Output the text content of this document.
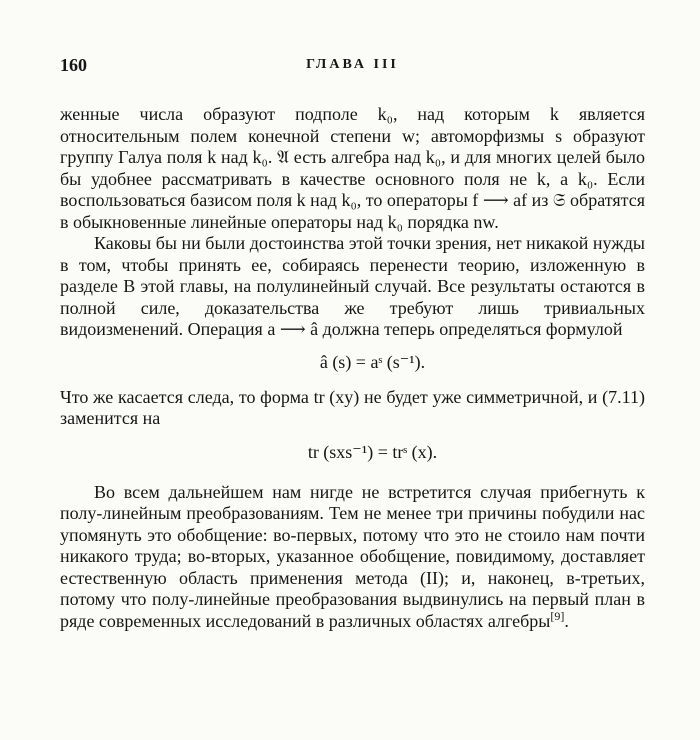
160	ГЛАВА III

женные числа образуют подполе k₀, над которым k является относительным полем конечной степени w; автоморфизмы s образуют группу Галуа поля k над k₀. 𝔄 есть алгебра над k₀, и для многих целей было бы удобнее рассматривать в качестве основного поля не k, а k₀. Если воспользоваться базисом поля k над k₀, то операторы f ⟶ af из 𝔖 обратятся в обыкновенные линейные операторы над k₀ порядка nw.

Каковы бы ни были достоинства этой точки зрения, нет никакой нужды в том, чтобы принять ее, собираясь перенести теорию, изложенную в разделе B этой главы, на полулинейный случай. Все результаты остаются в полной силе, доказательства же требуют лишь тривиальных видоизменений. Операция a ⟶ â должна теперь определяться формулой

â (s) = aˢ (s⁻¹).

Что же касается следа, то форма tr (xy) не будет уже симметричной, и (7.11) заменится на

tr (sxs⁻¹) = trˢ (x).

Во всем дальнейшем нам нигде не встретится случая прибегнуть к полу-линейным преобразованиям. Тем не менее три причины побудили нас упомянуть это обобщение: во-первых, потому что это не стоило нам почти никакого труда; во-вторых, указанное обобщение, повидимому, доставляет естественную область применения метода (II); и, наконец, в-третьих, потому что полу-линейные преобразования выдвинулись на первый план в ряде современных исследований в различных областях алгебры[9].
